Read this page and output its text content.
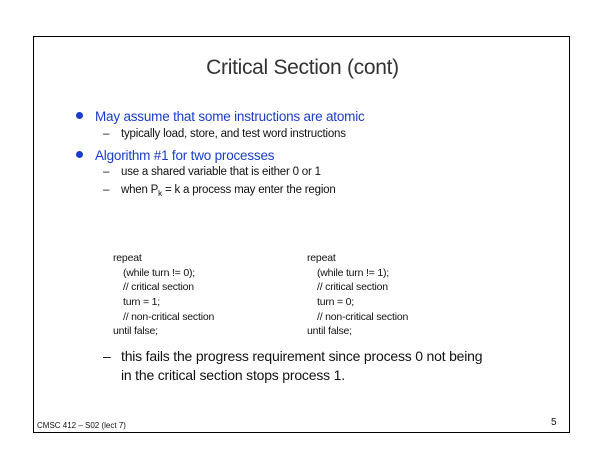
Critical Section (cont)
May assume that some instructions are atomic
– typically load, store, and test word instructions
Algorithm #1 for two processes
– use a shared variable that is either 0 or 1
– when $P_k = k$ a process may enter the region
repeat
(while turn != 0);
// critical section
turn = 1;
// non-critical section
until false;
repeat
(while turn != 1);
// critical section
turn = 0;
// non-critical section
until false;
– this fails the progress requirement since process 0 not being
in the critical section stops process 1.
CMSC 412 – S02 (lect 7)	5
